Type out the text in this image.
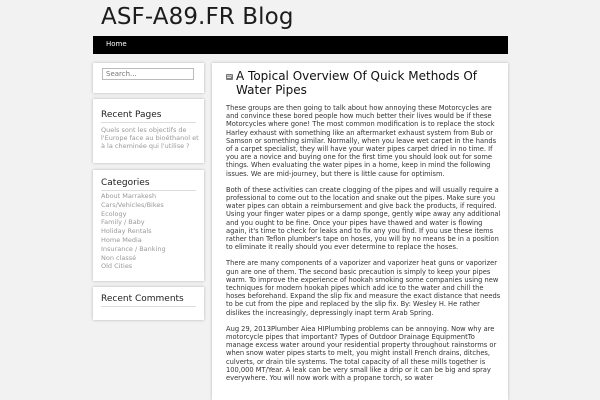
ASF-A89.FR Blog
Home
Search...
Recent Pages
Quels sont les objectifs de l'Europe face au bioéthanol et à la cheminée qui l'utilise ?
Categories
About Marrakesh
Cars/Vehicles/Bikes
Ecology
Family / Baby
Holiday Rentals
Home Media
Insurance / Banking
Non classé
Old Cities
Recent Comments
A Topical Overview Of Quick Methods Of Water Pipes

These groups are then going to talk about how annoying these Motorcycles are and convince these bored people how much better their lives would be if these Motorcycles where gone! The most common modification is to replace the stock Harley exhaust with something like an aftermarket exhaust system from Bub or Samson or something similar. Normally, when you leave wet carpet in the hands of a carpet specialist, they will have your water pipes carpet dried in no time. If you are a novice and buying one for the first time you should look out for some things. When evaluating the water pipes in a home, keep in mind the following issues. We are mid-journey, but there is little cause for optimism.

Both of these activities can create clogging of the pipes and will usually require a professional to come out to the location and snake out the pipes. Make sure you water pipes can obtain a reimbursement and give back the products, if required. Using your finger water pipes or a damp sponge, gently wipe away any additional and you ought to be fine. Once your pipes have thawed and water is flowing again, it's time to check for leaks and to fix any you find. If you use these items rather than Teflon plumber's tape on hoses, you will by no means be in a position to eliminate it really should you ever determine to replace the hoses.

There are many components of a vaporizer and vaporizer heat guns or vaporizer gun are one of them. The second basic precaution is simply to keep your pipes warm. To improve the experience of hookah smoking some companies using new techniques for modern hookah pipes which add ice to the water and chill the hoses beforehand. Expand the slip fix and measure the exact distance that needs to be cut from the pipe and replaced by the slip fix. By: Wesley H. He rather dislikes the increasingly, depressingly inapt term Arab Spring.

Aug 29, 2013Plumber Aiea HIPlumbing problems can be annoying. Now why are motorcycle pipes that important? Types of Outdoor Drainage EquipmentTo manage excess water around your residential property throughout rainstorms or when snow water pipes starts to melt, you might install French drains, ditches, culverts, or drain tile systems. The total capacity of all these mills together is 100,000 MT/Year. A leak can be very small like a drip or it can be big and spray everywhere. You will now work with a propane torch, so water
